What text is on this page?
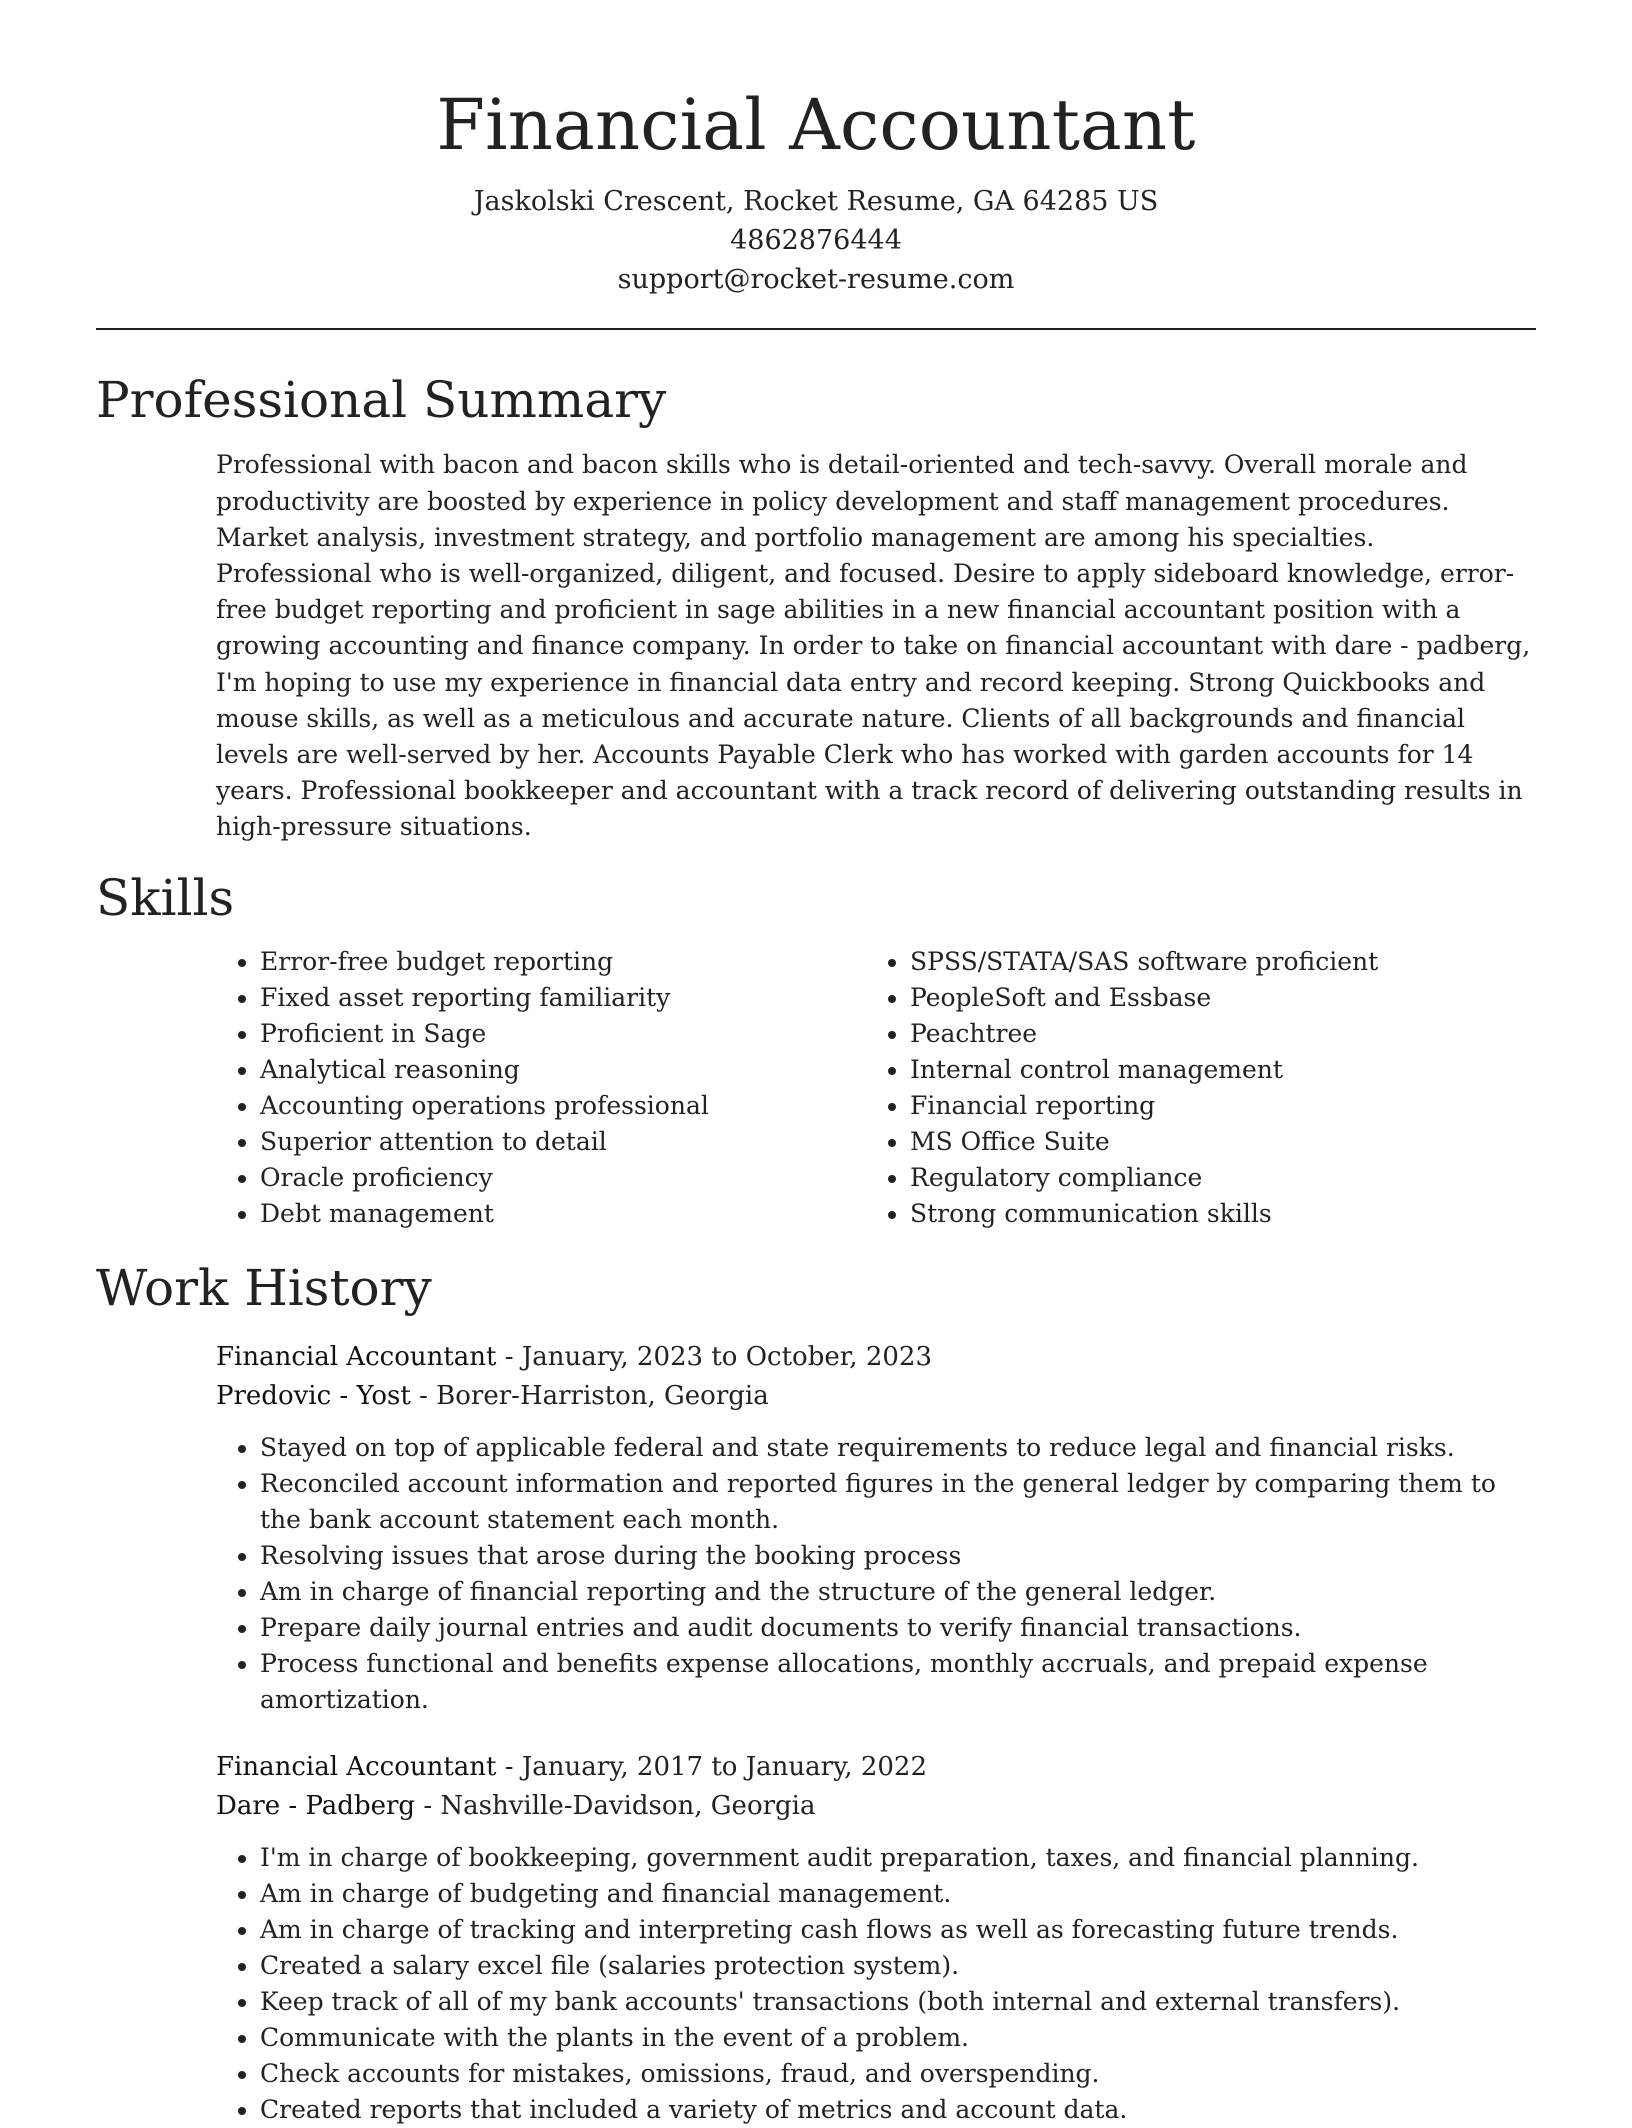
Financial Accountant
Jaskolski Crescent, Rocket Resume, GA 64285 US
4862876444
support@rocket-resume.com
Professional Summary
Professional with bacon and bacon skills who is detail-oriented and tech-savvy. Overall morale and productivity are boosted by experience in policy development and staff management procedures. Market analysis, investment strategy, and portfolio management are among his specialties. Professional who is well-organized, diligent, and focused. Desire to apply sideboard knowledge, error-free budget reporting and proficient in sage abilities in a new financial accountant position with a growing accounting and finance company. In order to take on financial accountant with dare - padberg, I'm hoping to use my experience in financial data entry and record keeping. Strong Quickbooks and mouse skills, as well as a meticulous and accurate nature. Clients of all backgrounds and financial levels are well-served by her. Accounts Payable Clerk who has worked with garden accounts for 14 years. Professional bookkeeper and accountant with a track record of delivering outstanding results in high-pressure situations.
Skills
• Error-free budget reporting
• Fixed asset reporting familiarity
• Proficient in Sage
• Analytical reasoning
• Accounting operations professional
• Superior attention to detail
• Oracle proficiency
• Debt management
• SPSS/STATA/SAS software proficient
• PeopleSoft and Essbase
• Peachtree
• Internal control management
• Financial reporting
• MS Office Suite
• Regulatory compliance
• Strong communication skills
Work History
Financial Accountant - January, 2023 to October, 2023
Predovic - Yost - Borer-Harriston, Georgia
• Stayed on top of applicable federal and state requirements to reduce legal and financial risks.
• Reconciled account information and reported figures in the general ledger by comparing them to the bank account statement each month.
• Resolving issues that arose during the booking process
• Am in charge of financial reporting and the structure of the general ledger.
• Prepare daily journal entries and audit documents to verify financial transactions.
• Process functional and benefits expense allocations, monthly accruals, and prepaid expense amortization.
Financial Accountant - January, 2017 to January, 2022
Dare - Padberg - Nashville-Davidson, Georgia
• I'm in charge of bookkeeping, government audit preparation, taxes, and financial planning.
• Am in charge of budgeting and financial management.
• Am in charge of tracking and interpreting cash flows as well as forecasting future trends.
• Created a salary excel file (salaries protection system).
• Keep track of all of my bank accounts' transactions (both internal and external transfers).
• Communicate with the plants in the event of a problem.
• Check accounts for mistakes, omissions, fraud, and overspending.
• Created reports that included a variety of metrics and account data.
